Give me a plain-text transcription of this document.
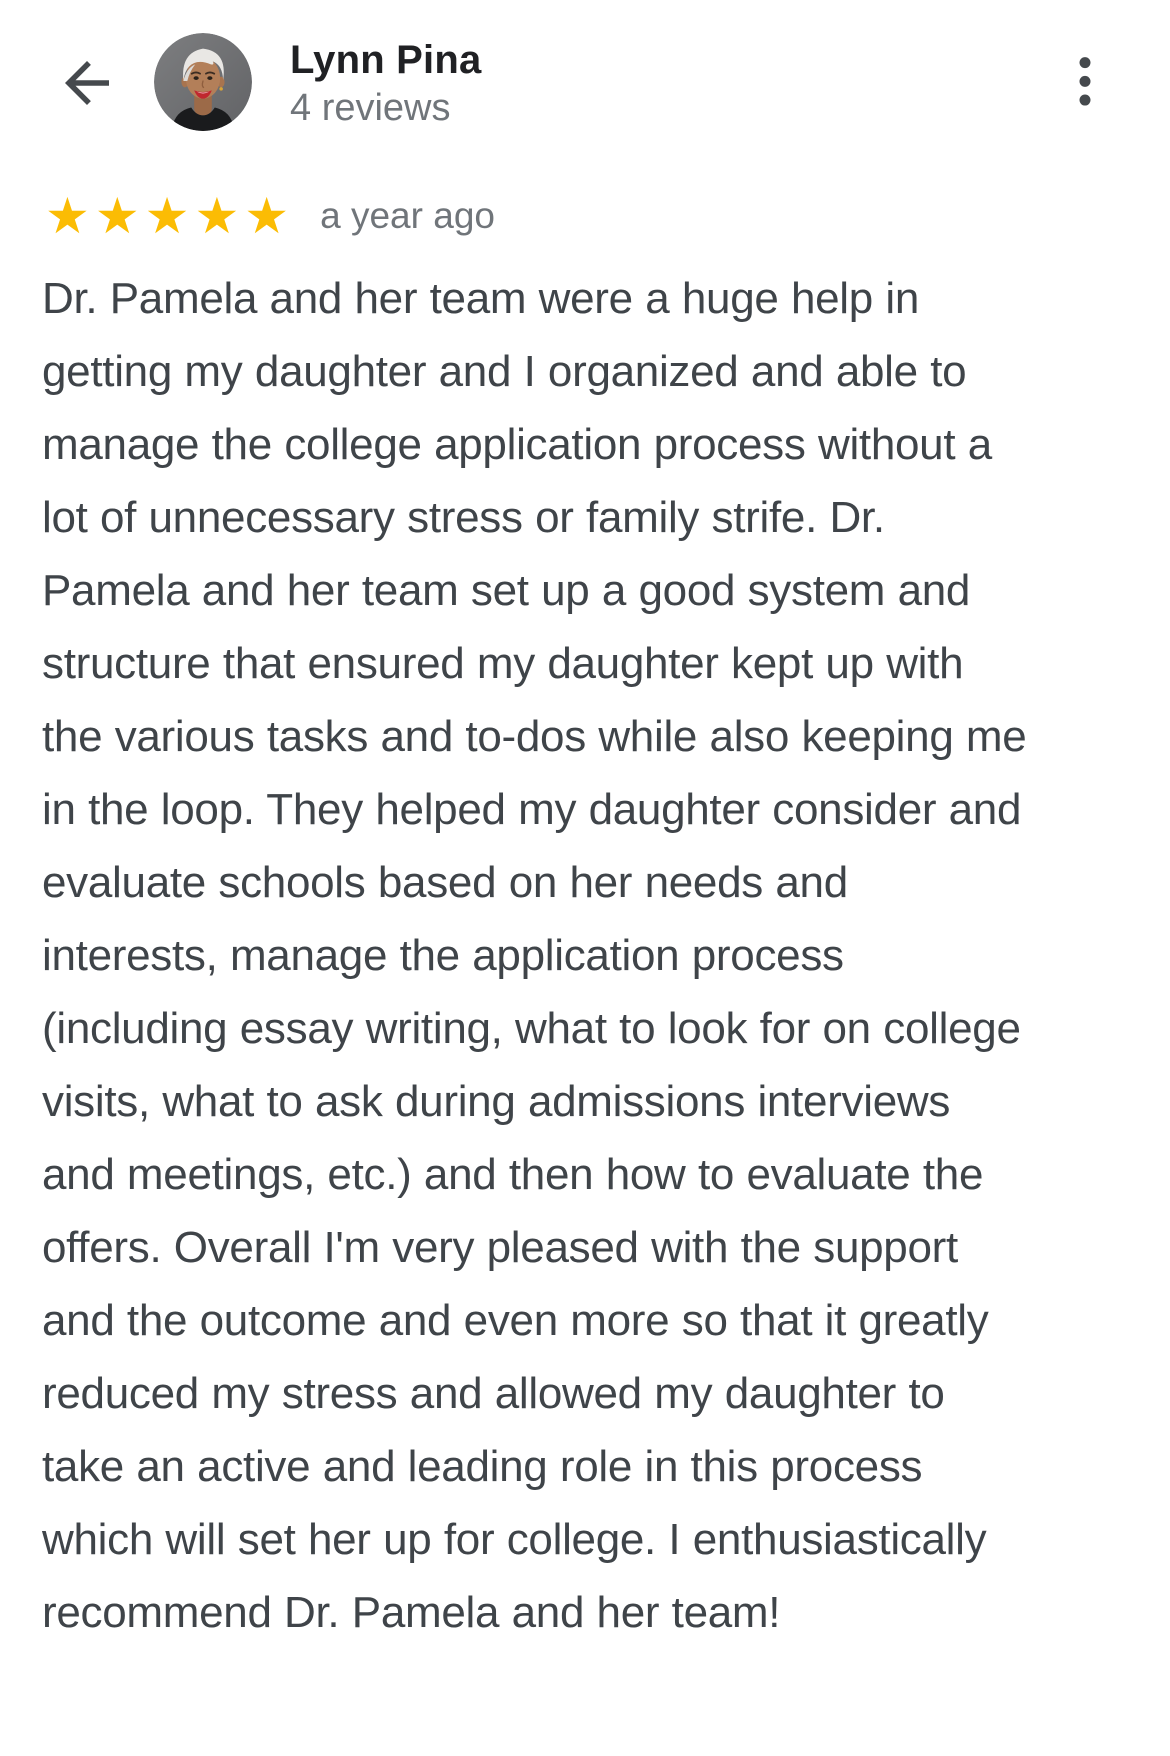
Lynn Pina
4 reviews
★★★★★ a year ago
Dr. Pamela and her team were a huge help in getting my daughter and I organized and able to manage the college application process without a lot of unnecessary stress or family strife. Dr. Pamela and her team set up a good system and structure that ensured my daughter kept up with the various tasks and to-dos while also keeping me in the loop. They helped my daughter consider and evaluate schools based on her needs and interests, manage the application process (including essay writing, what to look for on college visits, what to ask during admissions interviews and meetings, etc.) and then how to evaluate the offers. Overall I'm very pleased with the support and the outcome and even more so that it greatly reduced my stress and allowed my daughter to take an active and leading role in this process which will set her up for college. I enthusiastically recommend Dr. Pamela and her team!
